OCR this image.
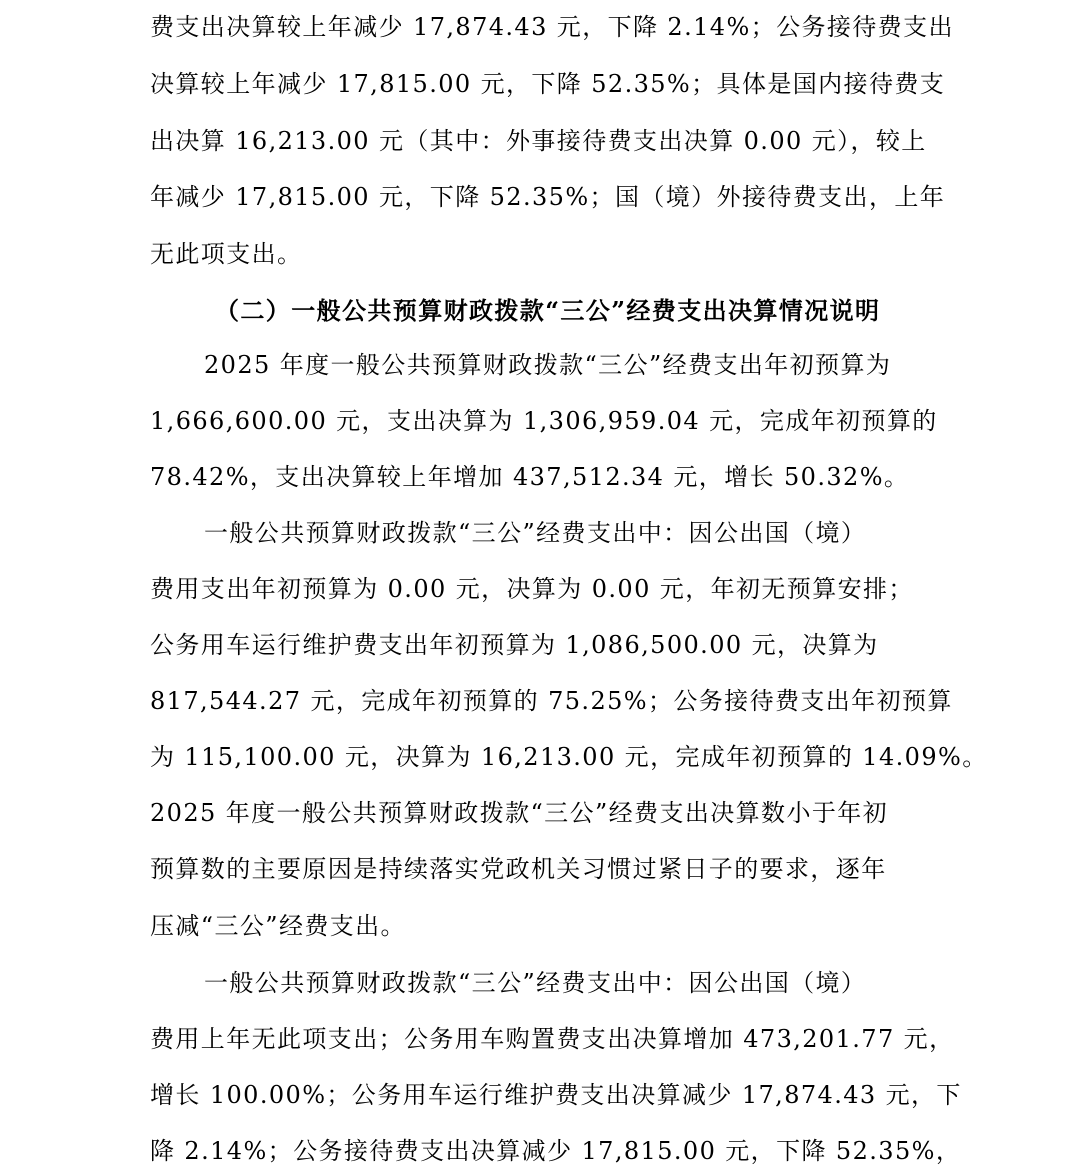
费支出决算较上年减少 17,874.43 元，下降 2.14%；公务接待费支出
决算较上年减少 17,815.00 元，下降 52.35%；具体是国内接待费支
出决算 16,213.00 元（其中：外事接待费支出决算 0.00 元），较上
年减少 17,815.00 元，下降 52.35%；国（境）外接待费支出，上年
无此项支出。
（二）一般公共预算财政拨款“三公”经费支出决算情况说明
2025 年度一般公共预算财政拨款“三公”经费支出年初预算为
1,666,600.00 元，支出决算为 1,306,959.04 元，完成年初预算的
78.42%，支出决算较上年增加 437,512.34 元，增长 50.32%。
一般公共预算财政拨款“三公”经费支出中：因公出国（境）
费用支出年初预算为 0.00 元，决算为 0.00 元，年初无预算安排；
公务用车运行维护费支出年初预算为 1,086,500.00 元，决算为
817,544.27 元，完成年初预算的 75.25%；公务接待费支出年初预算
为 115,100.00 元，决算为 16,213.00 元，完成年初预算的 14.09%。
2025 年度一般公共预算财政拨款“三公”经费支出决算数小于年初
预算数的主要原因是持续落实党政机关习惯过紧日子的要求，逐年
压减“三公”经费支出。
一般公共预算财政拨款“三公”经费支出中：因公出国（境）
费用上年无此项支出；公务用车购置费支出决算增加 473,201.77 元，
增长 100.00%；公务用车运行维护费支出决算减少 17,874.43 元，下
降 2.14%；公务接待费支出决算减少 17,815.00 元，下降 52.35%，
